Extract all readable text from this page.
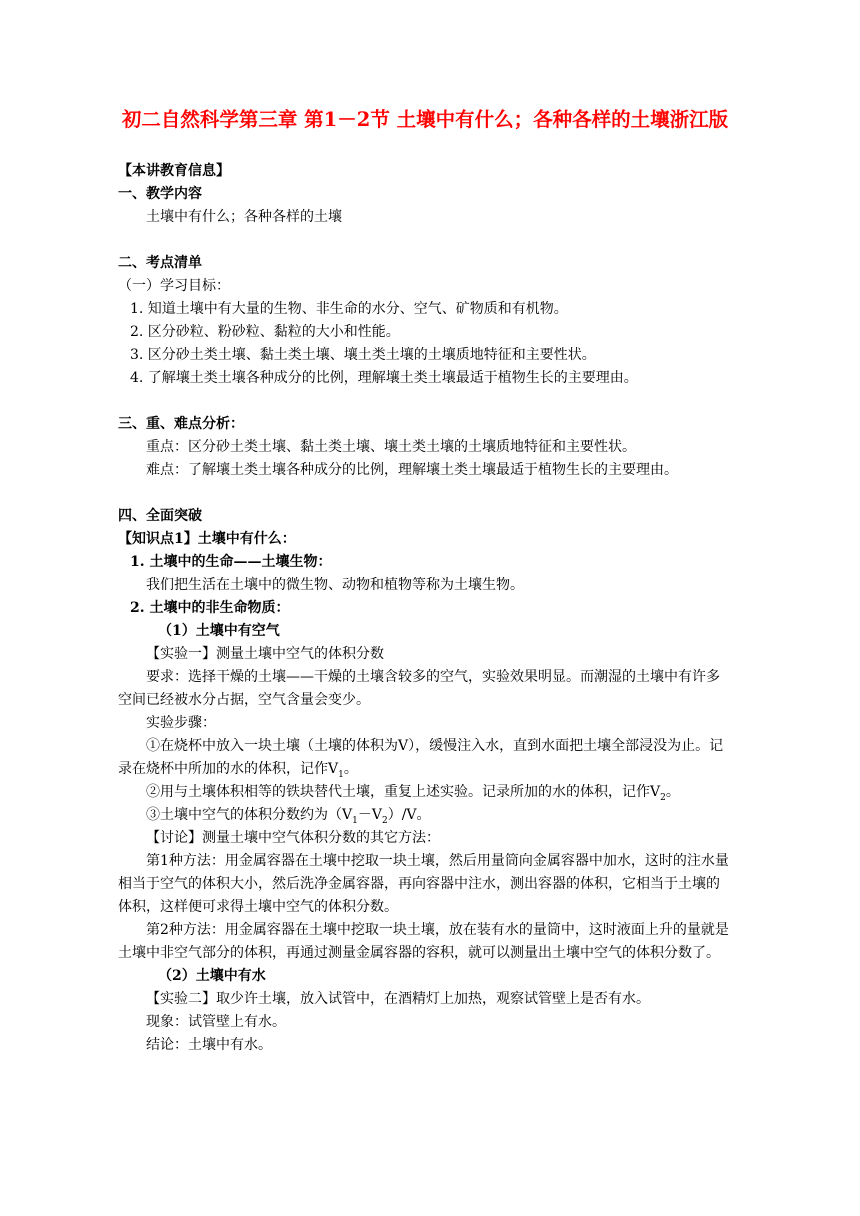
初二自然科学第三章 第1－2节 土壤中有什么；各种各样的土壤浙江版

【本讲教育信息】

一、教学内容

土壤中有什么；各种各样的土壤

二、考点清单

（一）学习目标：

1. 知道土壤中有大量的生物、非生命的水分、空气、矿物质和有机物。

2. 区分砂粒、粉砂粒、黏粒的大小和性能。

3. 区分砂土类土壤、黏土类土壤、壤土类土壤的土壤质地特征和主要性状。

4. 了解壤土类土壤各种成分的比例，理解壤土类土壤最适于植物生长的主要理由。

三、重、难点分析：

重点：区分砂土类土壤、黏土类土壤、壤土类土壤的土壤质地特征和主要性状。

难点：了解壤土类土壤各种成分的比例，理解壤土类土壤最适于植物生长的主要理由。

四、全面突破

【知识点1】土壤中有什么：

1. 土壤中的生命——土壤生物：

我们把生活在土壤中的微生物、动物和植物等称为土壤生物。

2. 土壤中的非生命物质：

（1）土壤中有空气

【实验一】测量土壤中空气的体积分数

要求：选择干燥的土壤——干燥的土壤含较多的空气，实验效果明显。而潮湿的土壤中有许多空间已经被水分占据，空气含量会变少。

实验步骤：

①在烧杯中放入一块土壤（土壤的体积为V），缓慢注入水，直到水面把土壤全部浸没为止。记录在烧杯中所加的水的体积，记作$V_1$。

②用与土壤体积相等的铁块替代土壤，重复上述实验。记录所加的水的体积，记作$V_2$。

③土壤中空气的体积分数约为$(V_1-V_2)/V$。

【讨论】测量土壤中空气体积分数的其它方法：

第1种方法：用金属容器在土壤中挖取一块土壤，然后用量筒向金属容器中加水，这时的注水量相当于空气的体积大小，然后洗净金属容器，再向容器中注水，测出容器的体积，它相当于土壤的体积，这样便可求得土壤中空气的体积分数。

第2种方法：用金属容器在土壤中挖取一块土壤，放在装有水的量筒中，这时液面上升的量就是土壤中非空气部分的体积，再通过测量金属容器的容积，就可以测量出土壤中空气的体积分数了。

（2）土壤中有水

【实验二】取少许土壤，放入试管中，在酒精灯上加热，观察试管壁上是否有水。

现象：试管壁上有水。

结论：土壤中有水。
